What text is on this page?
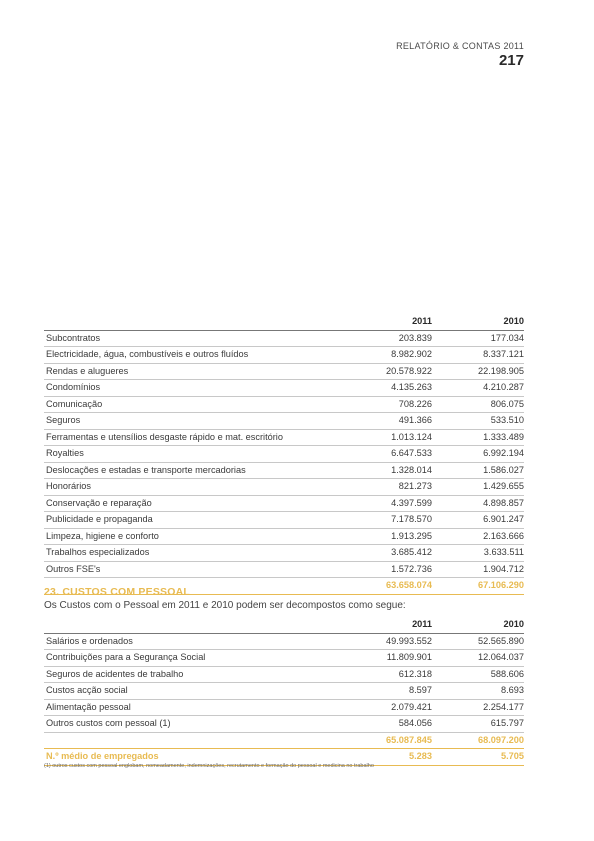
RELATÓRIO & CONTAS 2011
217
	2011	2010
Subcontratos	203.839	177.034
Electricidade, água, combustíveis e outros fluídos	8.982.902	8.337.121
Rendas e alugueres	20.578.922	22.198.905
Condomínios	4.135.263	4.210.287
Comunicação	708.226	806.075
Seguros	491.366	533.510
Ferramentas e utensílios desgaste rápido e mat. escritório	1.013.124	1.333.489
Royalties	6.647.533	6.992.194
Deslocações e estadas e transporte mercadorias	1.328.014	1.586.027
Honorários	821.273	1.429.655
Conservação e reparação	4.397.599	4.898.857
Publicidade e propaganda	7.178.570	6.901.247
Limpeza, higiene e conforto	1.913.295	2.163.666
Trabalhos especializados	3.685.412	3.633.511
Outros FSE's	1.572.736	1.904.712
	63.658.074	67.106.290
23. CUSTOS COM PESSOAL
Os Custos com o Pessoal em 2011 e 2010 podem ser decompostos como segue:
	2011	2010
Salários e ordenados	49.993.552	52.565.890
Contribuições para a Segurança Social	11.809.901	12.064.037
Seguros de acidentes de trabalho	612.318	588.606
Custos acção social	8.597	8.693
Alimentação pessoal	2.079.421	2.254.177
Outros custos com pessoal (1)	584.056	615.797
	65.087.845	68.097.200
N.º médio de empregados	5.283	5.705
(1) outros custos com pessoal englobam, nomeadamente, indemnizações, recrutamento e formação do pessoal e medicina no trabalho
